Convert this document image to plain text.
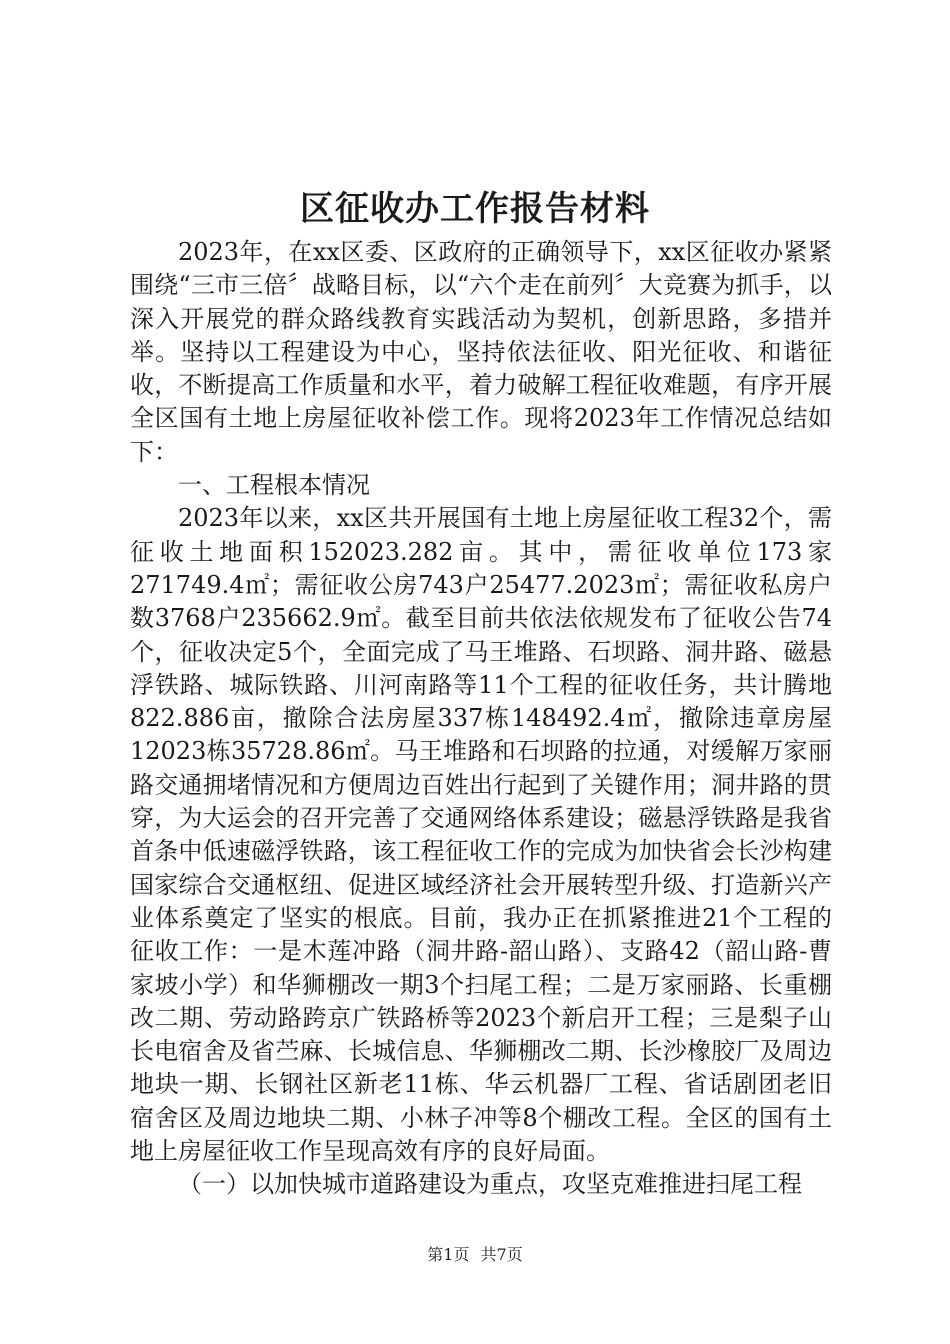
区征收办工作报告材料

2023年，在xx区委、区政府的正确领导下，xx区征收办紧紧围绕“三市三倍〞战略目标，以“六个走在前列〞大竞赛为抓手，以深入开展党的群众路线教育实践活动为契机，创新思路，多措并举。坚持以工程建设为中心，坚持依法征收、阳光征收、和谐征收，不断提高工作质量和水平，着力破解工程征收难题，有序开展全区国有土地上房屋征收补偿工作。现将2023年工作情况总结如下：

一、工程根本情况

2023年以来，xx区共开展国有土地上房屋征收工程32个，需征收土地面积152023.282亩。其中，需征收单位173家271749.4㎡；需征收公房743户25477.2023㎡；需征收私房户数3768户235662.9㎡。截至目前共依法依规发布了征收公告74个，征收决定5个，全面完成了马王堆路、石坝路、洞井路、磁悬浮铁路、城际铁路、川河南路等11个工程的征收任务，共计腾地822.886亩，撤除合法房屋337栋148492.4㎡，撤除违章房屋12023栋35728.86㎡。马王堆路和石坝路的拉通，对缓解万家丽路交通拥堵情况和方便周边百姓出行起到了关键作用；洞井路的贯穿，为大运会的召开完善了交通网络体系建设；磁悬浮铁路是我省首条中低速磁浮铁路，该工程征收工作的完成为加快省会长沙构建国家综合交通枢纽、促进区域经济社会开展转型升级、打造新兴产业体系奠定了坚实的根底。目前，我办正在抓紧推进21个工程的征收工作：一是木莲冲路（洞井路-韶山路）、支路42（韶山路-曹家坡小学）和华狮棚改一期3个扫尾工程；二是万家丽路、长重棚改二期、劳动路跨京广铁路桥等2023个新启开工程；三是梨子山长电宿舍及省苎麻、长城信息、华狮棚改二期、长沙橡胶厂及周边地块一期、长钢社区新老11栋、华云机器厂工程、省话剧团老旧宿舍区及周边地块二期、小林子冲等8个棚改工程。全区的国有土地上房屋征收工作呈现高效有序的良好局面。

（一）以加快城市道路建设为重点，攻坚克难推进扫尾工程

第1页 共7页
